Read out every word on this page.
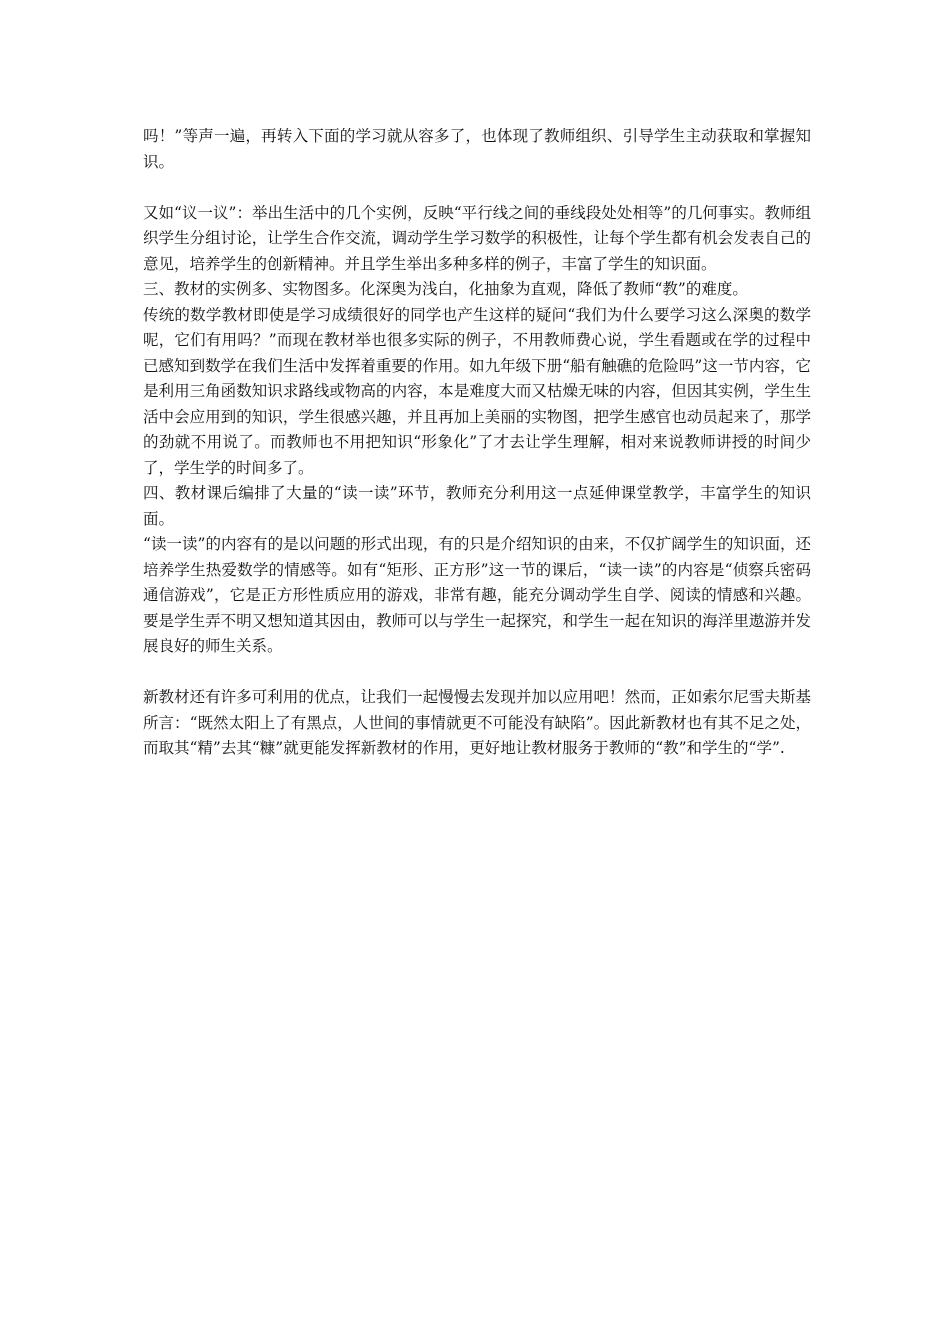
吗！”等声一遍，再转入下面的学习就从容多了，也体现了教师组织、引导学生主动获取和掌握知识。

又如“议一议”：举出生活中的几个实例，反映“平行线之间的垂线段处处相等”的几何事实。教师组织学生分组讨论，让学生合作交流，调动学生学习数学的积极性，让每个学生都有机会发表自己的意见，培养学生的创新精神。并且学生举出多种多样的例子，丰富了学生的知识面。

三、教材的实例多、实物图多。化深奥为浅白，化抽象为直观，降低了教师“教”的难度。

传统的数学教材即使是学习成绩很好的同学也产生这样的疑问“我们为什么要学习这么深奥的数学呢，它们有用吗？”而现在教材举也很多实际的例子，不用教师费心说，学生看题或在学的过程中已感知到数学在我们生活中发挥着重要的作用。如九年级下册“船有触礁的危险吗”这一节内容，它是利用三角函数知识求路线或物高的内容，本是难度大而又枯燥无味的内容，但因其实例，学生生活中会应用到的知识，学生很感兴趣，并且再加上美丽的实物图，把学生感官也动员起来了，那学的劲就不用说了。而教师也不用把知识“形象化”了才去让学生理解，相对来说教师讲授的时间少了，学生学的时间多了。

四、教材课后编排了大量的“读一读”环节，教师充分利用这一点延伸课堂教学，丰富学生的知识面。

“读一读”的内容有的是以问题的形式出现，有的只是介绍知识的由来，不仅扩阔学生的知识面，还培养学生热爱数学的情感等。如有“矩形、正方形”这一节的课后，“读一读”的内容是“侦察兵密码通信游戏”，它是正方形性质应用的游戏，非常有趣，能充分调动学生自学、阅读的情感和兴趣。要是学生弄不明又想知道其因由，教师可以与学生一起探究，和学生一起在知识的海洋里遨游并发展良好的师生关系。

新教材还有许多可利用的优点，让我们一起慢慢去发现并加以应用吧！然而，正如索尔尼雪夫斯基所言：“既然太阳上了有黑点，人世间的事情就更不可能没有缺陷”。因此新教材也有其不足之处，而取其“精”去其“糠”就更能发挥新教材的作用，更好地让教材服务于教师的“教”和学生的“学”.
